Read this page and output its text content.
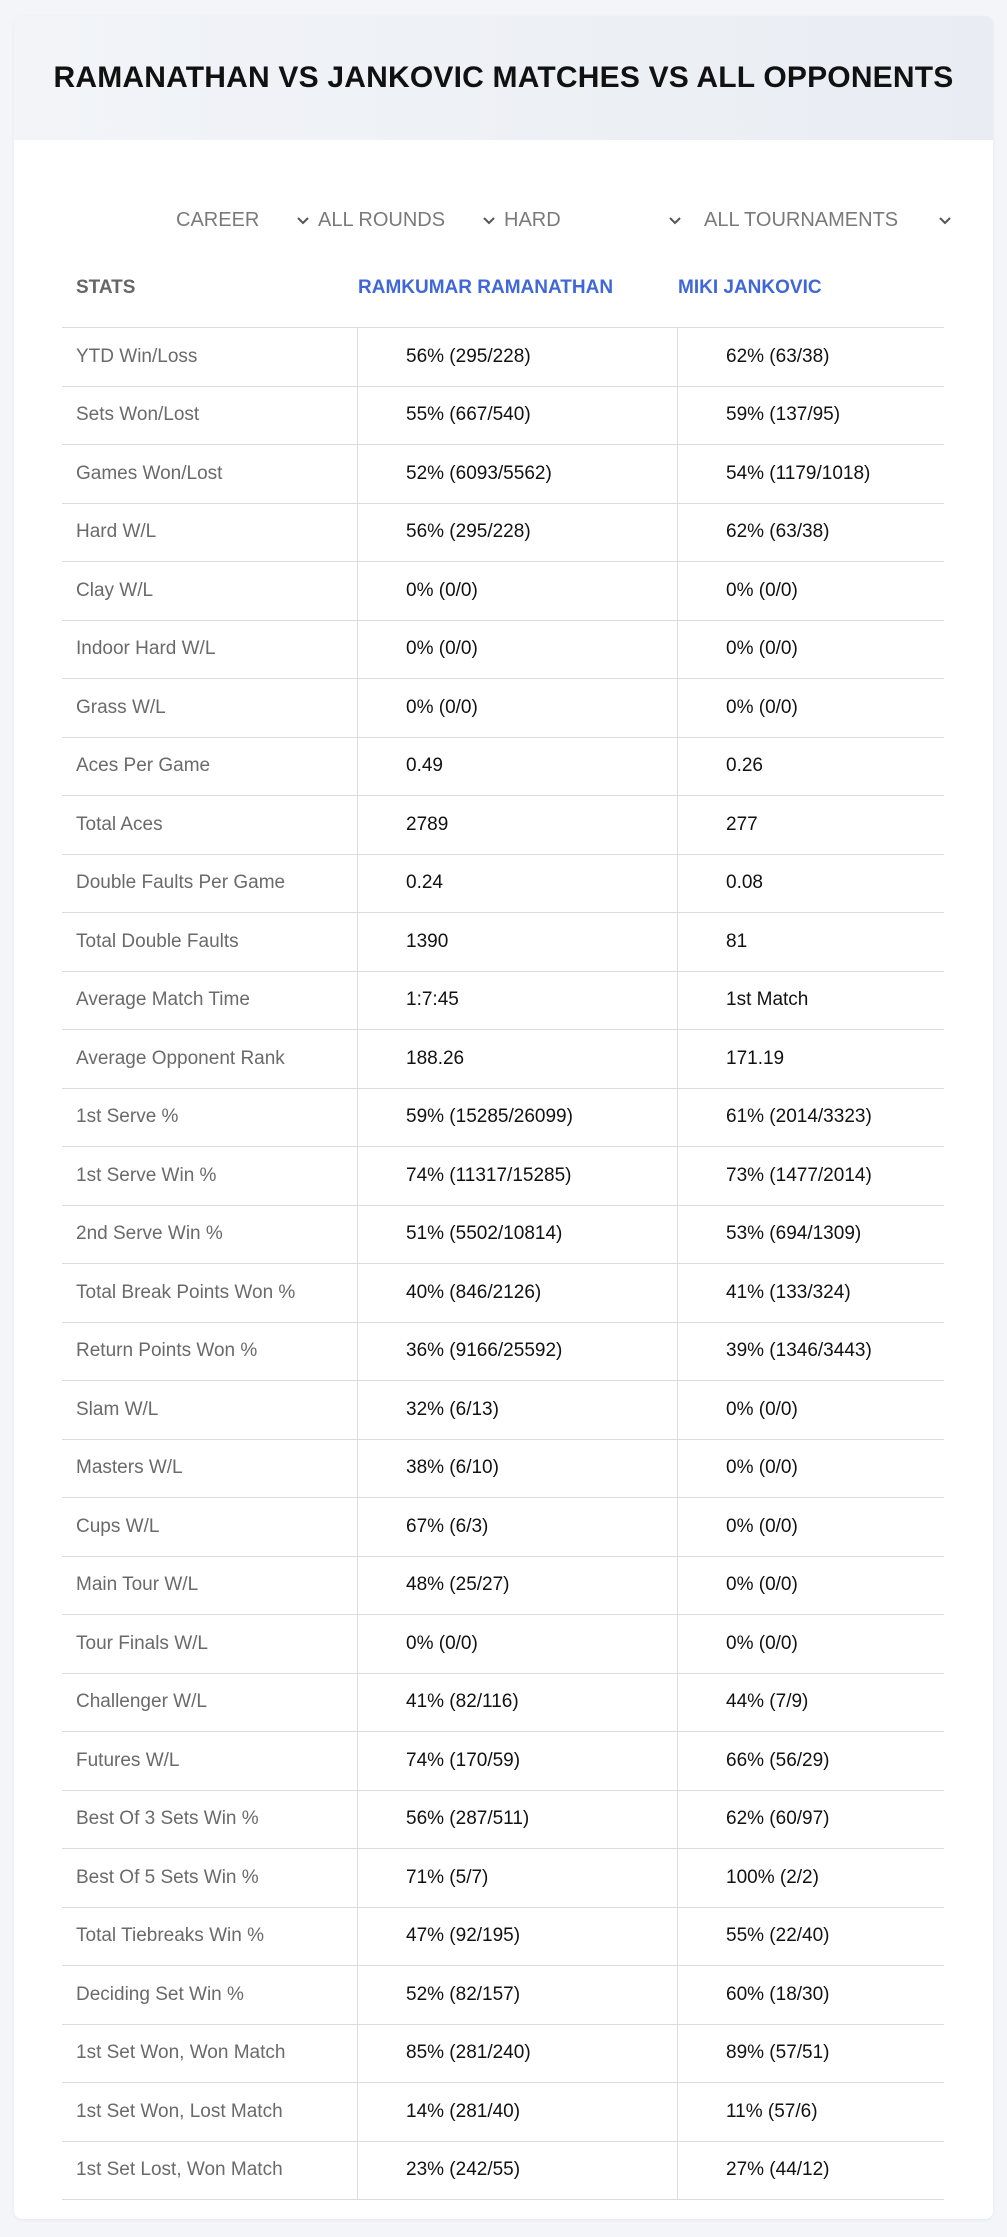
RAMANATHAN VS JANKOVIC MATCHES VS ALL OPPONENTS
CAREER	ALL ROUNDS	HARD	ALL TOURNAMENTS
STATS	RAMKUMAR RAMANATHAN	MIKI JANKOVIC
YTD Win/Loss	56% (295/228)	62% (63/38)
Sets Won/Lost	55% (667/540)	59% (137/95)
Games Won/Lost	52% (6093/5562)	54% (1179/1018)
Hard W/L	56% (295/228)	62% (63/38)
Clay W/L	0% (0/0)	0% (0/0)
Indoor Hard W/L	0% (0/0)	0% (0/0)
Grass W/L	0% (0/0)	0% (0/0)
Aces Per Game	0.49	0.26
Total Aces	2789	277
Double Faults Per Game	0.24	0.08
Total Double Faults	1390	81
Average Match Time	1:7:45	1st Match
Average Opponent Rank	188.26	171.19
1st Serve %	59% (15285/26099)	61% (2014/3323)
1st Serve Win %	74% (11317/15285)	73% (1477/2014)
2nd Serve Win %	51% (5502/10814)	53% (694/1309)
Total Break Points Won %	40% (846/2126)	41% (133/324)
Return Points Won %	36% (9166/25592)	39% (1346/3443)
Slam W/L	32% (6/13)	0% (0/0)
Masters W/L	38% (6/10)	0% (0/0)
Cups W/L	67% (6/3)	0% (0/0)
Main Tour W/L	48% (25/27)	0% (0/0)
Tour Finals W/L	0% (0/0)	0% (0/0)
Challenger W/L	41% (82/116)	44% (7/9)
Futures W/L	74% (170/59)	66% (56/29)
Best Of 3 Sets Win %	56% (287/511)	62% (60/97)
Best Of 5 Sets Win %	71% (5/7)	100% (2/2)
Total Tiebreaks Win %	47% (92/195)	55% (22/40)
Deciding Set Win %	52% (82/157)	60% (18/30)
1st Set Won, Won Match	85% (281/240)	89% (57/51)
1st Set Won, Lost Match	14% (281/40)	11% (57/6)
1st Set Lost, Won Match	23% (242/55)	27% (44/12)
